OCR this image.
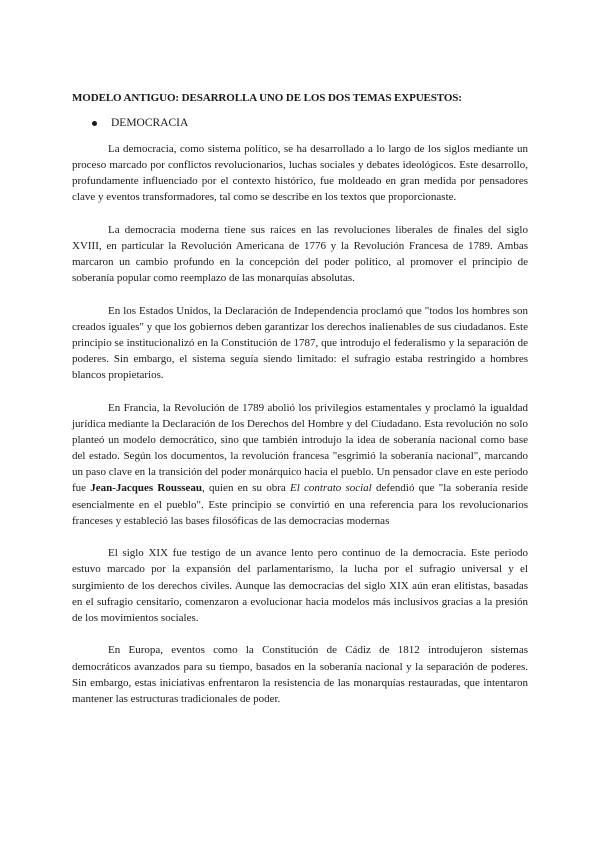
MODELO ANTIGUO: DESARROLLA UNO DE LOS DOS TEMAS EXPUESTOS:
DEMOCRACIA

La democracia, como sistema político, se ha desarrollado a lo largo de los siglos mediante un proceso marcado por conflictos revolucionarios, luchas sociales y debates ideológicos. Este desarrollo, profundamente influenciado por el contexto histórico, fue moldeado en gran medida por pensadores clave y eventos transformadores, tal como se describe en los textos que proporcionaste.

La democracia moderna tiene sus raíces en las revoluciones liberales de finales del siglo XVIII, en particular la Revolución Americana de 1776 y la Revolución Francesa de 1789. Ambas marcaron un cambio profundo en la concepción del poder político, al promover el principio de soberanía popular como reemplazo de las monarquías absolutas.

En los Estados Unidos, la Declaración de Independencia proclamó que "todos los hombres son creados iguales" y que los gobiernos deben garantizar los derechos inalienables de sus ciudadanos. Este principio se institucionalizó en la Constitución de 1787, que introdujo el federalismo y la separación de poderes. Sin embargo, el sistema seguía siendo limitado: el sufragio estaba restringido a hombres blancos propietarios.

En Francia, la Revolución de 1789 abolió los privilegios estamentales y proclamó la igualdad jurídica mediante la Declaración de los Derechos del Hombre y del Ciudadano. Esta revolución no solo planteó un modelo democrático, sino que también introdujo la idea de soberanía nacional como base del estado. Según los documentos, la revolución francesa "esgrimió la soberanía nacional", marcando un paso clave en la transición del poder monárquico hacia el pueblo. Un pensador clave en este periodo fue Jean-Jacques Rousseau, quien en su obra El contrato social defendió que "la soberanía reside esencialmente en el pueblo". Este principio se convirtió en una referencia para los revolucionarios franceses y estableció las bases filosóficas de las democracias modernas

El siglo XIX fue testigo de un avance lento pero continuo de la democracia. Este periodo estuvo marcado por la expansión del parlamentarismo, la lucha por el sufragio universal y el surgimiento de los derechos civiles. Aunque las democracias del siglo XIX aún eran elitistas, basadas en el sufragio censitario, comenzaron a evolucionar hacia modelos más inclusivos gracias a la presión de los movimientos sociales.

En Europa, eventos como la Constitución de Cádiz de 1812 introdujeron sistemas democráticos avanzados para su tiempo, basados en la soberanía nacional y la separación de poderes. Sin embargo, estas iniciativas enfrentaron la resistencia de las monarquías restauradas, que intentaron mantener las estructuras tradicionales de poder.
